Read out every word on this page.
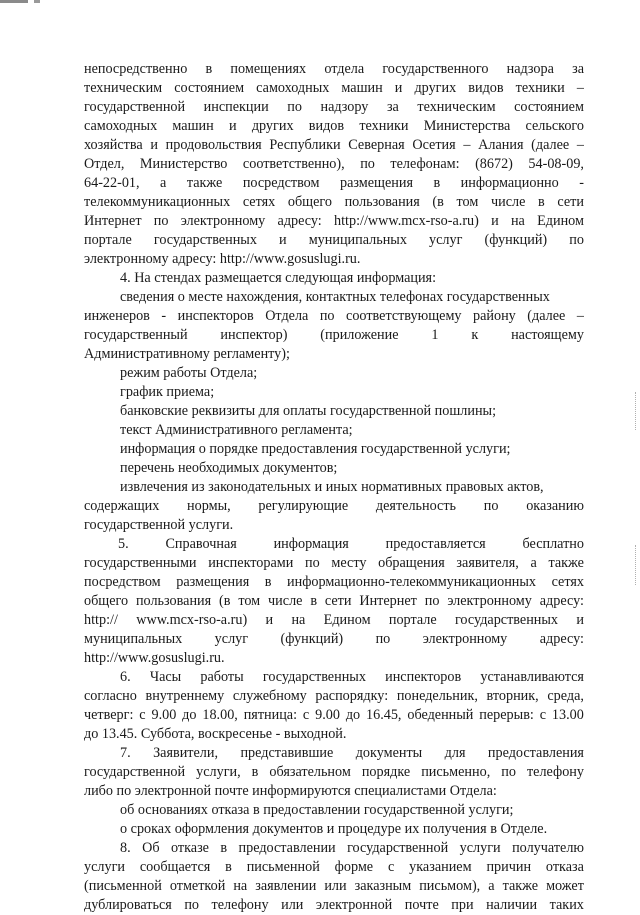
непосредственно в помещениях отдела государственного надзора за
техническим состоянием самоходных машин и других видов техники –
государственной инспекции по надзору за техническим состоянием
самоходных машин и других видов техники Министерства сельского
хозяйства и продовольствия Республики Северная Осетия – Алания (далее –
Отдел, Министерство соответственно), по телефонам: (8672) 54-08-09,
64-22-01, а также посредством размещения в информационно -
телекоммуникационных сетях общего пользования (в том числе в сети
Интернет по электронному адресу: http://www.mcx-rso-a.ru) и на Едином
портале государственных и муниципальных услуг (функций) по
электронному адресу: http://www.gosuslugi.ru.
4. На стендах размещается следующая информация:
сведения о месте нахождения, контактных телефонах государственных
инженеров - инспекторов Отдела по соответствующему району (далее –
государственный инспектор) (приложение 1 к настоящему
Административному регламенту);
режим работы Отдела;
график приема;
банковские реквизиты для оплаты государственной пошлины;
текст Административного регламента;
информация о порядке предоставления государственной услуги;
перечень необходимых документов;
извлечения из законодательных и иных нормативных правовых актов,
содержащих нормы, регулирующие деятельность по оказанию
государственной услуги.
5.	Справочная	информация	предоставляется	бесплатно
государственными инспекторами по месту обращения заявителя, а также
посредством размещения в информационно-телекоммуникационных сетях
общего пользования (в том числе в сети Интернет по электронному адресу:
http:// www.mcx-rso-a.ru) и на Едином портале государственных и
муниципальных услуг (функций) по электронному адресу:
http://www.gosuslugi.ru.
6. Часы работы государственных инспекторов устанавливаются
согласно внутреннему служебному распорядку: понедельник, вторник, среда,
четверг: с 9.00 до 18.00, пятница: с 9.00 до 16.45, обеденный перерыв: с 13.00
до 13.45. Суббота, воскресенье - выходной.
7. Заявители, представившие документы для предоставления
государственной услуги, в обязательном порядке письменно, по телефону
либо по электронной почте информируются специалистами Отдела:
об основаниях отказа в предоставлении государственной услуги;
о сроках оформления документов и процедуре их получения в Отделе.
8. Об отказе в предоставлении государственной услуги получателю
услуги сообщается в письменной форме с указанием причин отказа
(письменной отметкой на заявлении или заказным письмом), а также может
дублироваться по телефону или электронной почте при наличии таких
